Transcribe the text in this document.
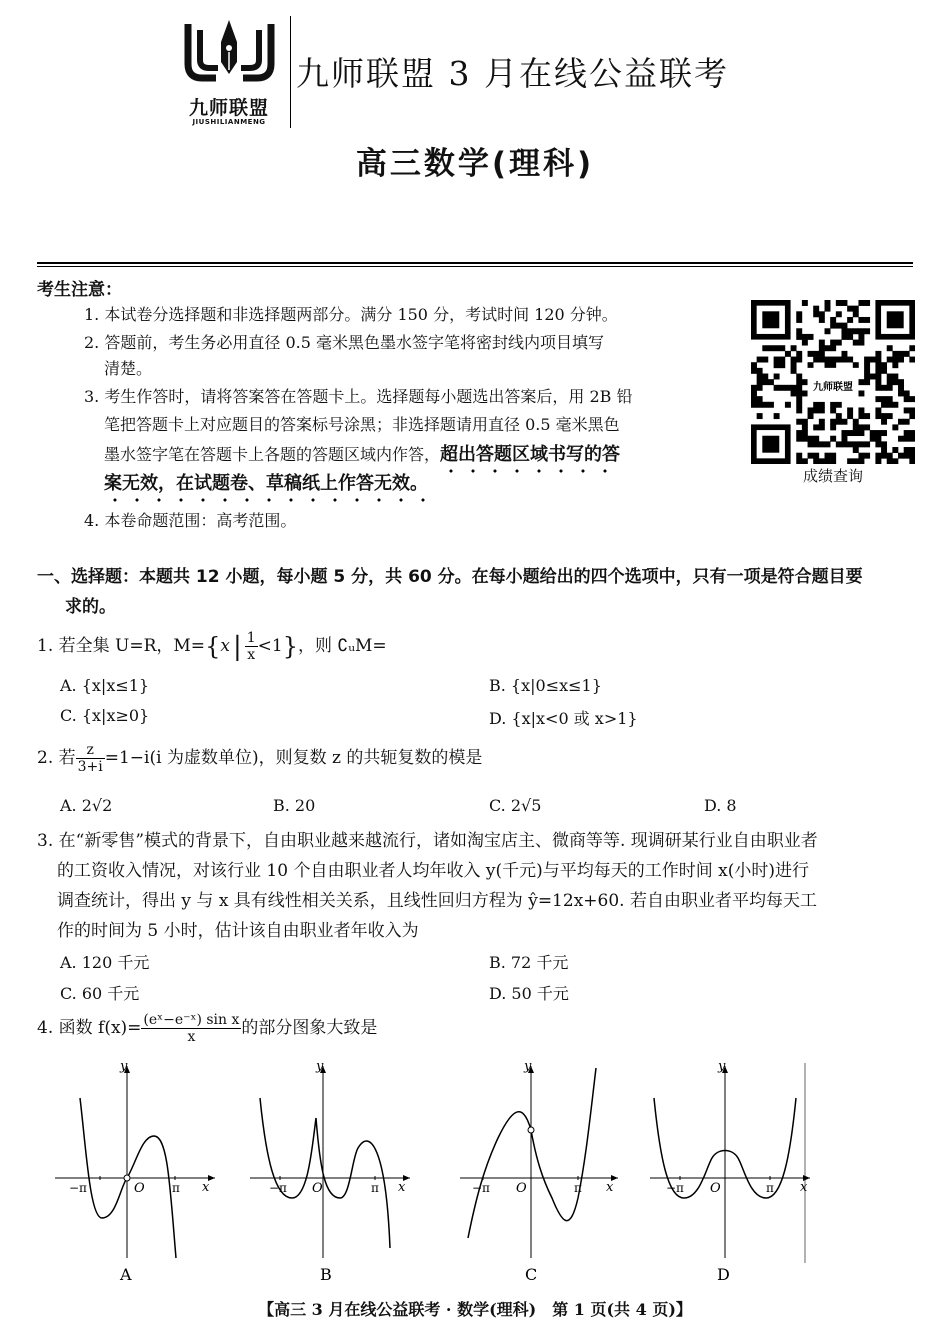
九师联盟
JIUSHILIANMENG
九师联盟 3 月在线公益联考
高三数学(理科)
考生注意：
1. 本试卷分选择题和非选择题两部分。满分 150 分，考试时间 120 分钟。
2. 答题前，考生务必用直径 0.5 毫米黑色墨水签字笔将密封线内项目填写
清楚。
3. 考生作答时，请将答案答在答题卡上。选择题每小题选出答案后，用 2B 铅
笔把答题卡上对应题目的答案标号涂黑；非选择题请用直径 0.5 毫米黑色
墨水签字笔在答题卡上各题的答题区域内作答，超出答题区域书写的答
案无效，在试题卷、草稿纸上作答无效。
4. 本卷命题范围：高考范围。
九师联盟
成绩查询
一、选择题：本题共 12 小题，每小题 5 分，共 60 分。在每小题给出的四个选项中，只有一项是符合题目要
求的。
1. 若全集 U=R，M={x | $\frac{1}{x} <1$}，则 ∁ᵤM=
A. {x|x≤1}	B. {x|0≤x≤1}
C. {x|x≥0}	D. {x|x<0 或 x>1}
2. 若 $\frac{z}{3+i} =1-i(i$ 为虚数单位)，则复数 z 的共轭复数的模是
A. 2√2	B. 20	C. 2√5	D. 8
3. 在“新零售”模式的背景下，自由职业越来越流行，诸如淘宝店主、微商等等. 现调研某行业自由职业者
的工资收入情况，对该行业 10 个自由职业者人均年收入 y(千元)与平均每天的工作时间 x(小时)进行
调查统计，得出 y 与 x 具有线性相关关系，且线性回归方程为 ŷ=12x+60. 若自由职业者平均每天工
作的时间为 5 小时，估计该自由职业者年收入为
A. 120 千元	B. 72 千元
C. 60 千元	D. 50 千元
4. 函数 $f(x)= \frac{\text{(eˣ−e⁻ˣ) sin x}}{x}$ 的部分图象大致是
y
x
O
−π	π
y
x
O
−π	π
y
x
O
−π	π
y
x
O
−π	π
A	B	C	D
【高三 3 月在线公益联考 · 数学(理科)　第 1 页(共 4 页)】
